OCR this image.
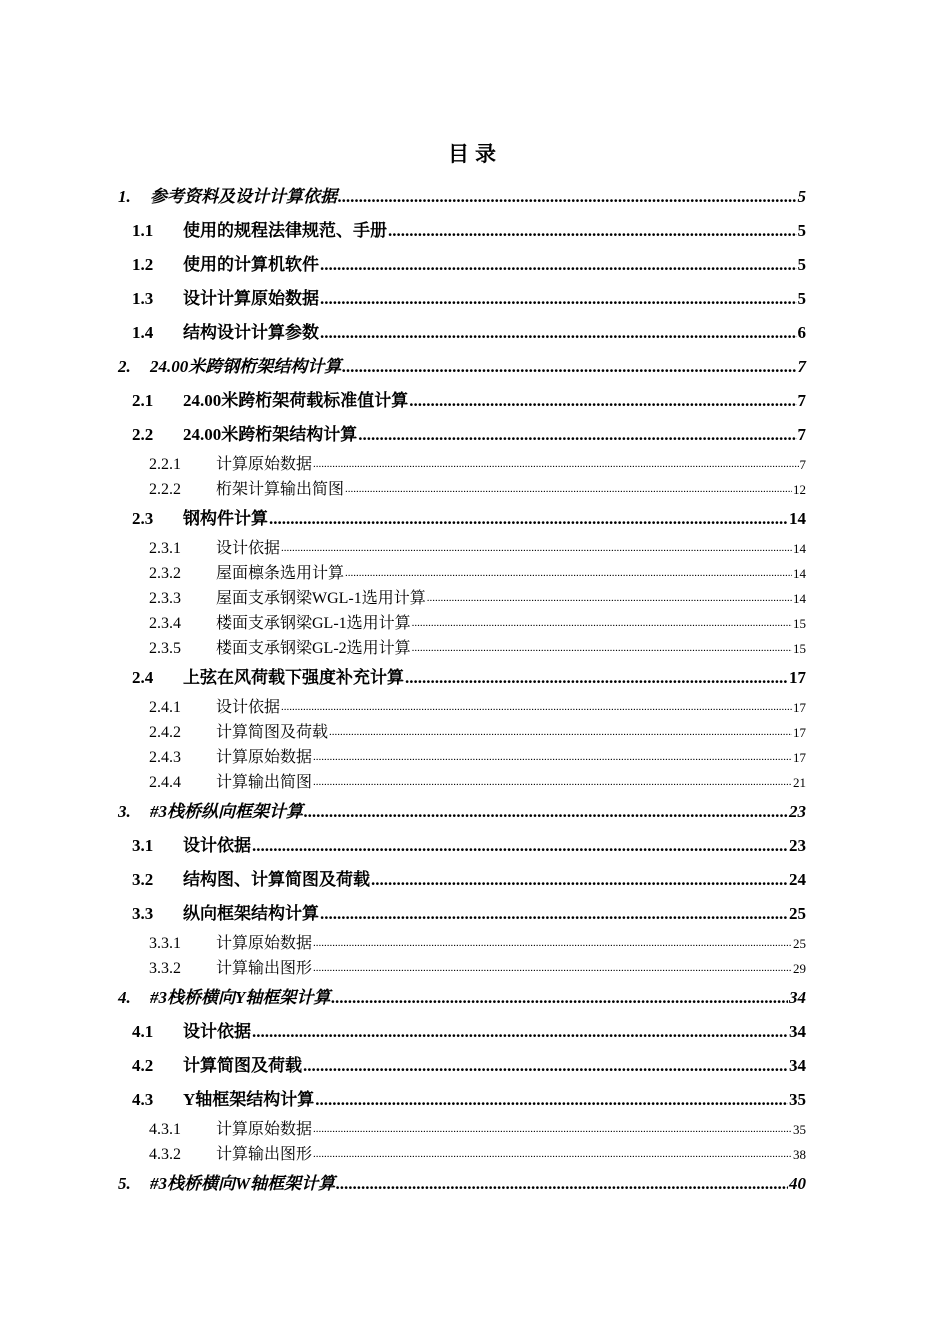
目录
1.	参考资料及设计计算依据 .....	5
1.1	使用的规程法律规范、手册 .....	5
1.2	使用的计算机软件 .....	5
1.3	设计计算原始数据 .....	5
1.4	结构设计计算参数 .....	6
2.	24.00米跨钢桁架结构计算 .....	7
2.1	24.00米跨桁架荷载标准值计算 .....	7
2.2	24.00米跨桁架结构计算 .....	7
2.2.1	计算原始数据 .....	7
2.2.2	桁架计算输出简图 .....	12
2.3	钢构件计算 .....	14
2.3.1	设计依据 .....	14
2.3.2	屋面檩条选用计算 .....	14
2.3.3	屋面支承钢梁WGL-1选用计算 .....	14
2.3.4	楼面支承钢梁GL-1选用计算 .....	15
2.3.5	楼面支承钢梁GL-2选用计算 .....	15
2.4	上弦在风荷载下强度补充计算 .....	17
2.4.1	设计依据 .....	17
2.4.2	计算简图及荷载 .....	17
2.4.3	计算原始数据 .....	17
2.4.4	计算输出简图 .....	21
3.	#3栈桥纵向框架计算 .....	23
3.1	设计依据 .....	23
3.2	结构图、计算简图及荷载 .....	24
3.3	纵向框架结构计算 .....	25
3.3.1	计算原始数据 .....	25
3.3.2	计算输出图形 .....	29
4.	#3栈桥横向Y轴框架计算 .....	34
4.1	设计依据 .....	34
4.2	计算简图及荷载 .....	34
4.3	Y轴框架结构计算 .....	35
4.3.1	计算原始数据 .....	35
4.3.2	计算输出图形 .....	38
5.	#3栈桥横向W轴框架计算 .....	40
